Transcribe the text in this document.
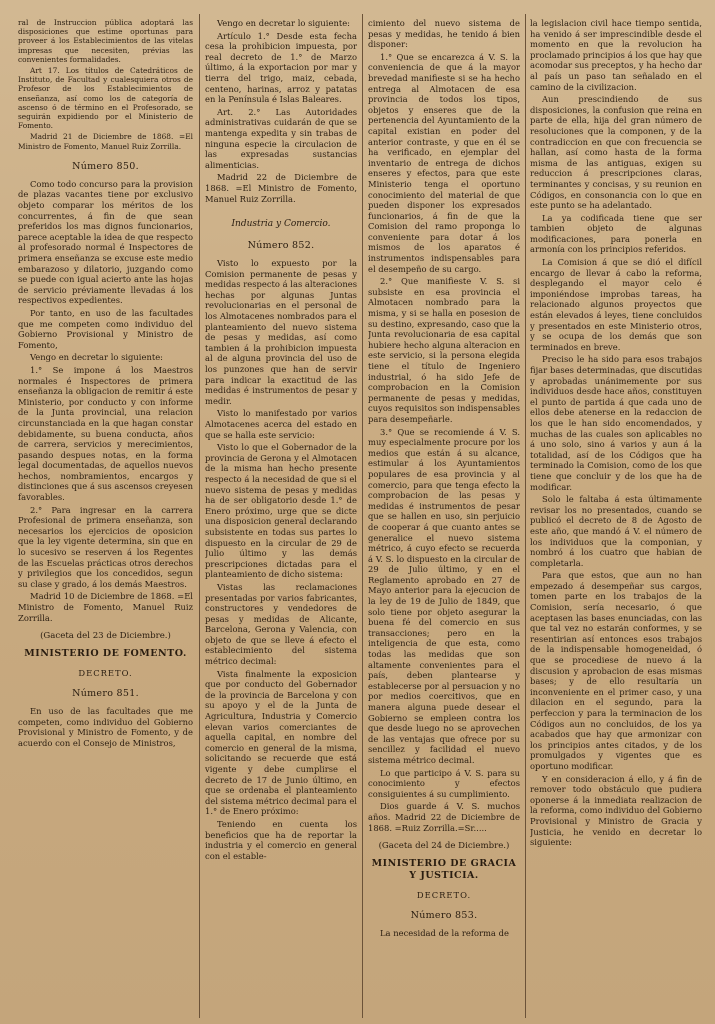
ral de Instruccion pública adoptará las disposiciones que estime oportunas para proveer á los Establecimientos de las vitelas impresas que necesiten, prévias las convenientes formalidades.

Art 17. Los títulos de Catedráticos de Instituto, de Facultad y cualesquiera otros de Profesor de los Establecimientos de enseñanza, así como los de categoría de ascenso ó de término en el Profesorado, se seguirán expidiendo por el Ministerio de Fomento.

Madrid 21 de Diciembre de 1868. =El Ministro de Fomento, Manuel Ruiz Zorrilla.

Número 850.

Como todo concurso para la provision de plazas vacantes tiene por exclusivo objeto comparar los méritos de los concurrentes, á fin de que sean preferidos los mas dignos funcionarios, parece aceptable la idea de que respecto al profesorado normal é Inspectores de primera enseñanza se excuse este medio embarazoso y dilatorio, juzgando como se puede con igual acierto ante las hojas de servicio préviamente llevadas á los respectivos expedientes.

Por tanto, en uso de las facultades que me competen como individuo del Gobierno Provisional y Ministro de Fomento,

Vengo en decretar lo siguiente:

1.° Se impone á los Maestros normales é Inspectores de primera enseñanza la obligacion de remitir á este Ministerio, por conducto y con informe de la Junta provincial, una relacion circunstanciada en la que hagan constar debidamente, su buena conducta, años de carrera, servicios y merecimientos, pasando despues notas, en la forma legal documentadas, de aquellos nuevos hechos, nombramientos, encargos y distinciones que á sus ascensos creyesen favorables.

2.° Para ingresar en la carrera Profesional de primera enseñanza, son necesarios los ejercicios de oposicion que la ley vigente determina, sin que en lo sucesivo se reserven á los Regentes de las Escuelas prácticas otros derechos y privilegios que los concedidos, segun su clase y grado, á los demás Maestros.

Madrid 10 de Diciembre de 1868. =El Ministro de Fomento, Manuel Ruiz Zorrilla.

(Gaceta del 23 de Diciembre.)
MINISTERIO DE FOMENTO.
DECRETO.
Número 851.

En uso de las facultades que me competen, como individuo del Gobierno Provisional y Ministro de Fomento, y de acuerdo con el Consejo de Ministros,

Vengo en decretar lo siguiente:

Artículo 1.° Desde esta fecha cesa la prohibicion impuesta, por real decreto de 1.° de Marzo último, á la exportacion por mar y tierra del trigo, maiz, cebada, centeno, harinas, arroz y patatas en la Península é Islas Baleares.

Art. 2.° Las Autoridades administrativas cuidarán de que se mantenga expedita y sin trabas de ninguna especie la circulacion de las expresadas sustancias alimenticias.

Madrid 22 de Diciembre de 1868. =El Ministro de Fomento, Manuel Ruiz Zorrilla.

Industria y Comercio.
Número 852.

Visto lo expuesto por la Comision permanente de pesas y medidas respecto á las alteraciones hechas por algunas Juntas revolucionarias en el personal de los Almotacenes nombrados para el planteamiento del nuevo sistema de pesas y medidas, así como tambien á la prohibicion impuesta al de alguna provincia del uso de los punzones que han de servir para indicar la exactitud de las medidas é instrumentos de pesar y medir.

Visto lo manifestado por varios Almotacenes acerca del estado en que se halla este servicio:

Visto lo que el Gobernador de la provincia de Gerona y el Almotacen de la misma han hecho presente respecto á la necesidad de que si el nuevo sistema de pesas y medidas ha de ser obligatorio desde 1.° de Enero próximo, urge que se dicte una disposicion general declarando subsistente en todas sus partes lo dispuesto en la circular de 29 de Julio último y las demás prescripciones dictadas para el planteamiento de dicho sistema:

Vistas las reclamaciones presentadas por varios fabricantes, constructores y vendedores de pesas y medidas de Alicante, Barcelona, Gerona y Valencia, con objeto de que se lleve á efecto el establecimiento del sistema métrico decimal:

Vista finalmente la exposicion que por conducto del Gobernador de la provincia de Barcelona y con su apoyo y el de la Junta de Agricultura, Industria y Comercio elevan varios comerciantes de aquella capital, en nombre del comercio en general de la misma, solicitando se recuerde que está vigente y debe cumplirse el decreto de 17 de Junio último, en que se ordenaba el planteamiento del sistema métrico decimal para el 1.° de Enero próximo:

Teniendo en cuenta los beneficios que ha de reportar la industria y el comercio en general con el estable-

cimiento del nuevo sistema de pesas y medidas, he tenido á bien disponer:

1.° Que se encarezca á V. S. la conveniencia de que á la mayor brevedad manifieste si se ha hecho entrega al Almotacen de esa provincia de todos los tipos, objetos y enseres que de la pertenencia del Ayuntamiento de la capital existian en poder del anterior contraste, y que en él se ha verificado, en ejemplar del inventario de entrega de dichos enseres y efectos, para que este Ministerio tenga el oportuno conocimiento del material de que pueden disponer los expresados funcionarios, á fin de que la Comision del ramo proponga lo conveniente para dotar á los mismos de los aparatos é instrumentos indispensables para el desempeño de su cargo.

2.° Que manifieste V. S. si subsiste en esa provincia el Almotacen nombrado para la misma, y si se halla en posesion de su destino, expresando, caso que la Junta revolucionaria de esa capital hubiere hecho alguna alteracion en este servicio, si la persona elegida tiene el título de Ingeniero industrial, ó ha sido Jefe de comprobacion en la Comision permanente de pesas y medidas, cuyos requisitos son indispensables para desempeñarle.

3.° Que se recomiende á V. S. muy especialmente procure por los medios que están á su alcance, estimular á los Ayuntamientos populares de esa provincia y al comercio, para que tenga efecto la comprobacion de las pesas y medidas é instrumentos de pesar que se hallen en uso, sin perjuicio de cooperar á que cuanto antes se generalice el nuevo sistema métrico, á cuyo efecto se recuerda á V. S. lo dispuesto en la circular de 29 de Julio último, y en el Reglamento aprobado en 27 de Mayo anterior para la ejecucion de la ley de 19 de Julio de 1849, que solo tiene por objeto asegurar la buena fé del comercio en sus transacciones; pero en la inteligencia de que esta, como todas las medidas que son altamente convenientes para el país, deben plantearse y establecerse por al persuacion y no por medios coercitivos, que en manera alguna puede desear el Gobierno se empleen contra los que desde luego no se aprovechen de las ventajas que ofrece por su sencillez y facilidad el nuevo sistema métrico decimal.

Lo que participo á V. S. para su conocimiento y efectos consiguientes á su cumplimiento.

Dios guarde á V. S. muchos años. Madrid 22 de Diciembre de 1868. =Ruiz Zorrilla.=Sr.....

(Gaceta del 24 de Diciembre.)
MINISTERIO DE GRACIA Y JUSTICIA.
DECRETO.
Número 853.

La necesidad de la reforma de

la legislacion civil hace tiempo sentida, ha venido á ser imprescindible desde el momento en que la revolucion ha proclamado principios á los que hay que acomodar sus preceptos, y ha hecho dar al país un paso tan señalado en el camino de la civilizacion.

Aun prescindiendo de sus disposiciones, la confusion que reina en parte de ella, hija del gran número de resoluciones que la componen, y de la contradiccion en que con frecuencia se hallan, así como hasta de la forma misma de las antiguas, exigen su reduccion á prescripciones claras, terminantes y concisas, y su reunion en Códigos, en consonancia con lo que en este punto se ha adelantado.

La ya codificada tiene que ser tambien objeto de algunas modificaciones, para ponerla en armonía con los principios referidos.

La Comision á que se dió el difícil encargo de llevar á cabo la reforma, desplegando el mayor celo é imponiéndose improbas tareas, ha relacionado algunos proyectos que están elevados á leyes, tiene concluidos y presentados en este Ministerio otros, y se ocupa de los demás que son terminados en breve.

Preciso le ha sido para esos trabajos fijar bases determinadas, que discutidas y aprobadas unánimemente por sus individuos desde hace años, constituyen el punto de partida á que cada uno de ellos debe atenerse en la redaccion de los que le han sido encomendados, y muchas de las cuales son aplicables no á uno solo, sino á varios y aun á la totalidad, así de los Códigos que ha terminado la Comision, como de los que tiene que concluir y de los que ha de modificar.

Solo le faltaba á esta últimamente revisar los no presentados, cuando se publicó el decreto de 8 de Agosto de este año, que mandó á V. el número de los individuos que la componian, y nombró á los cuatro que habian de completarla.

Para que estos, que aun no han empezado á desempeñar sus cargos, tomen parte en los trabajos de la Comision, sería necesario, ó que aceptasen las bases enunciadas, con las que tal vez no estarán conformes, y se resentirian así entonces esos trabajos de la indispensable homogeneidad, ó que se procediese de nuevo á la discusion y aprobacion de esas mismas bases; y de ello resultaría un inconveniente en el primer caso, y una dilacion en el segundo, para la perfeccion y para la terminacion de los Códigos aun no concluidos, de los ya acabados que hay que armonizar con los principios antes citados, y de los promulgados y vigentes que es oportuno modificar.

Y en consideracion á ello, y á fin de remover todo obstáculo que pudiera oponerse á la inmediata realizacion de la reforma, como individuo del Gobierno Provisional y Ministro de Gracia y Justicia, he venido en decretar lo siguiente:
